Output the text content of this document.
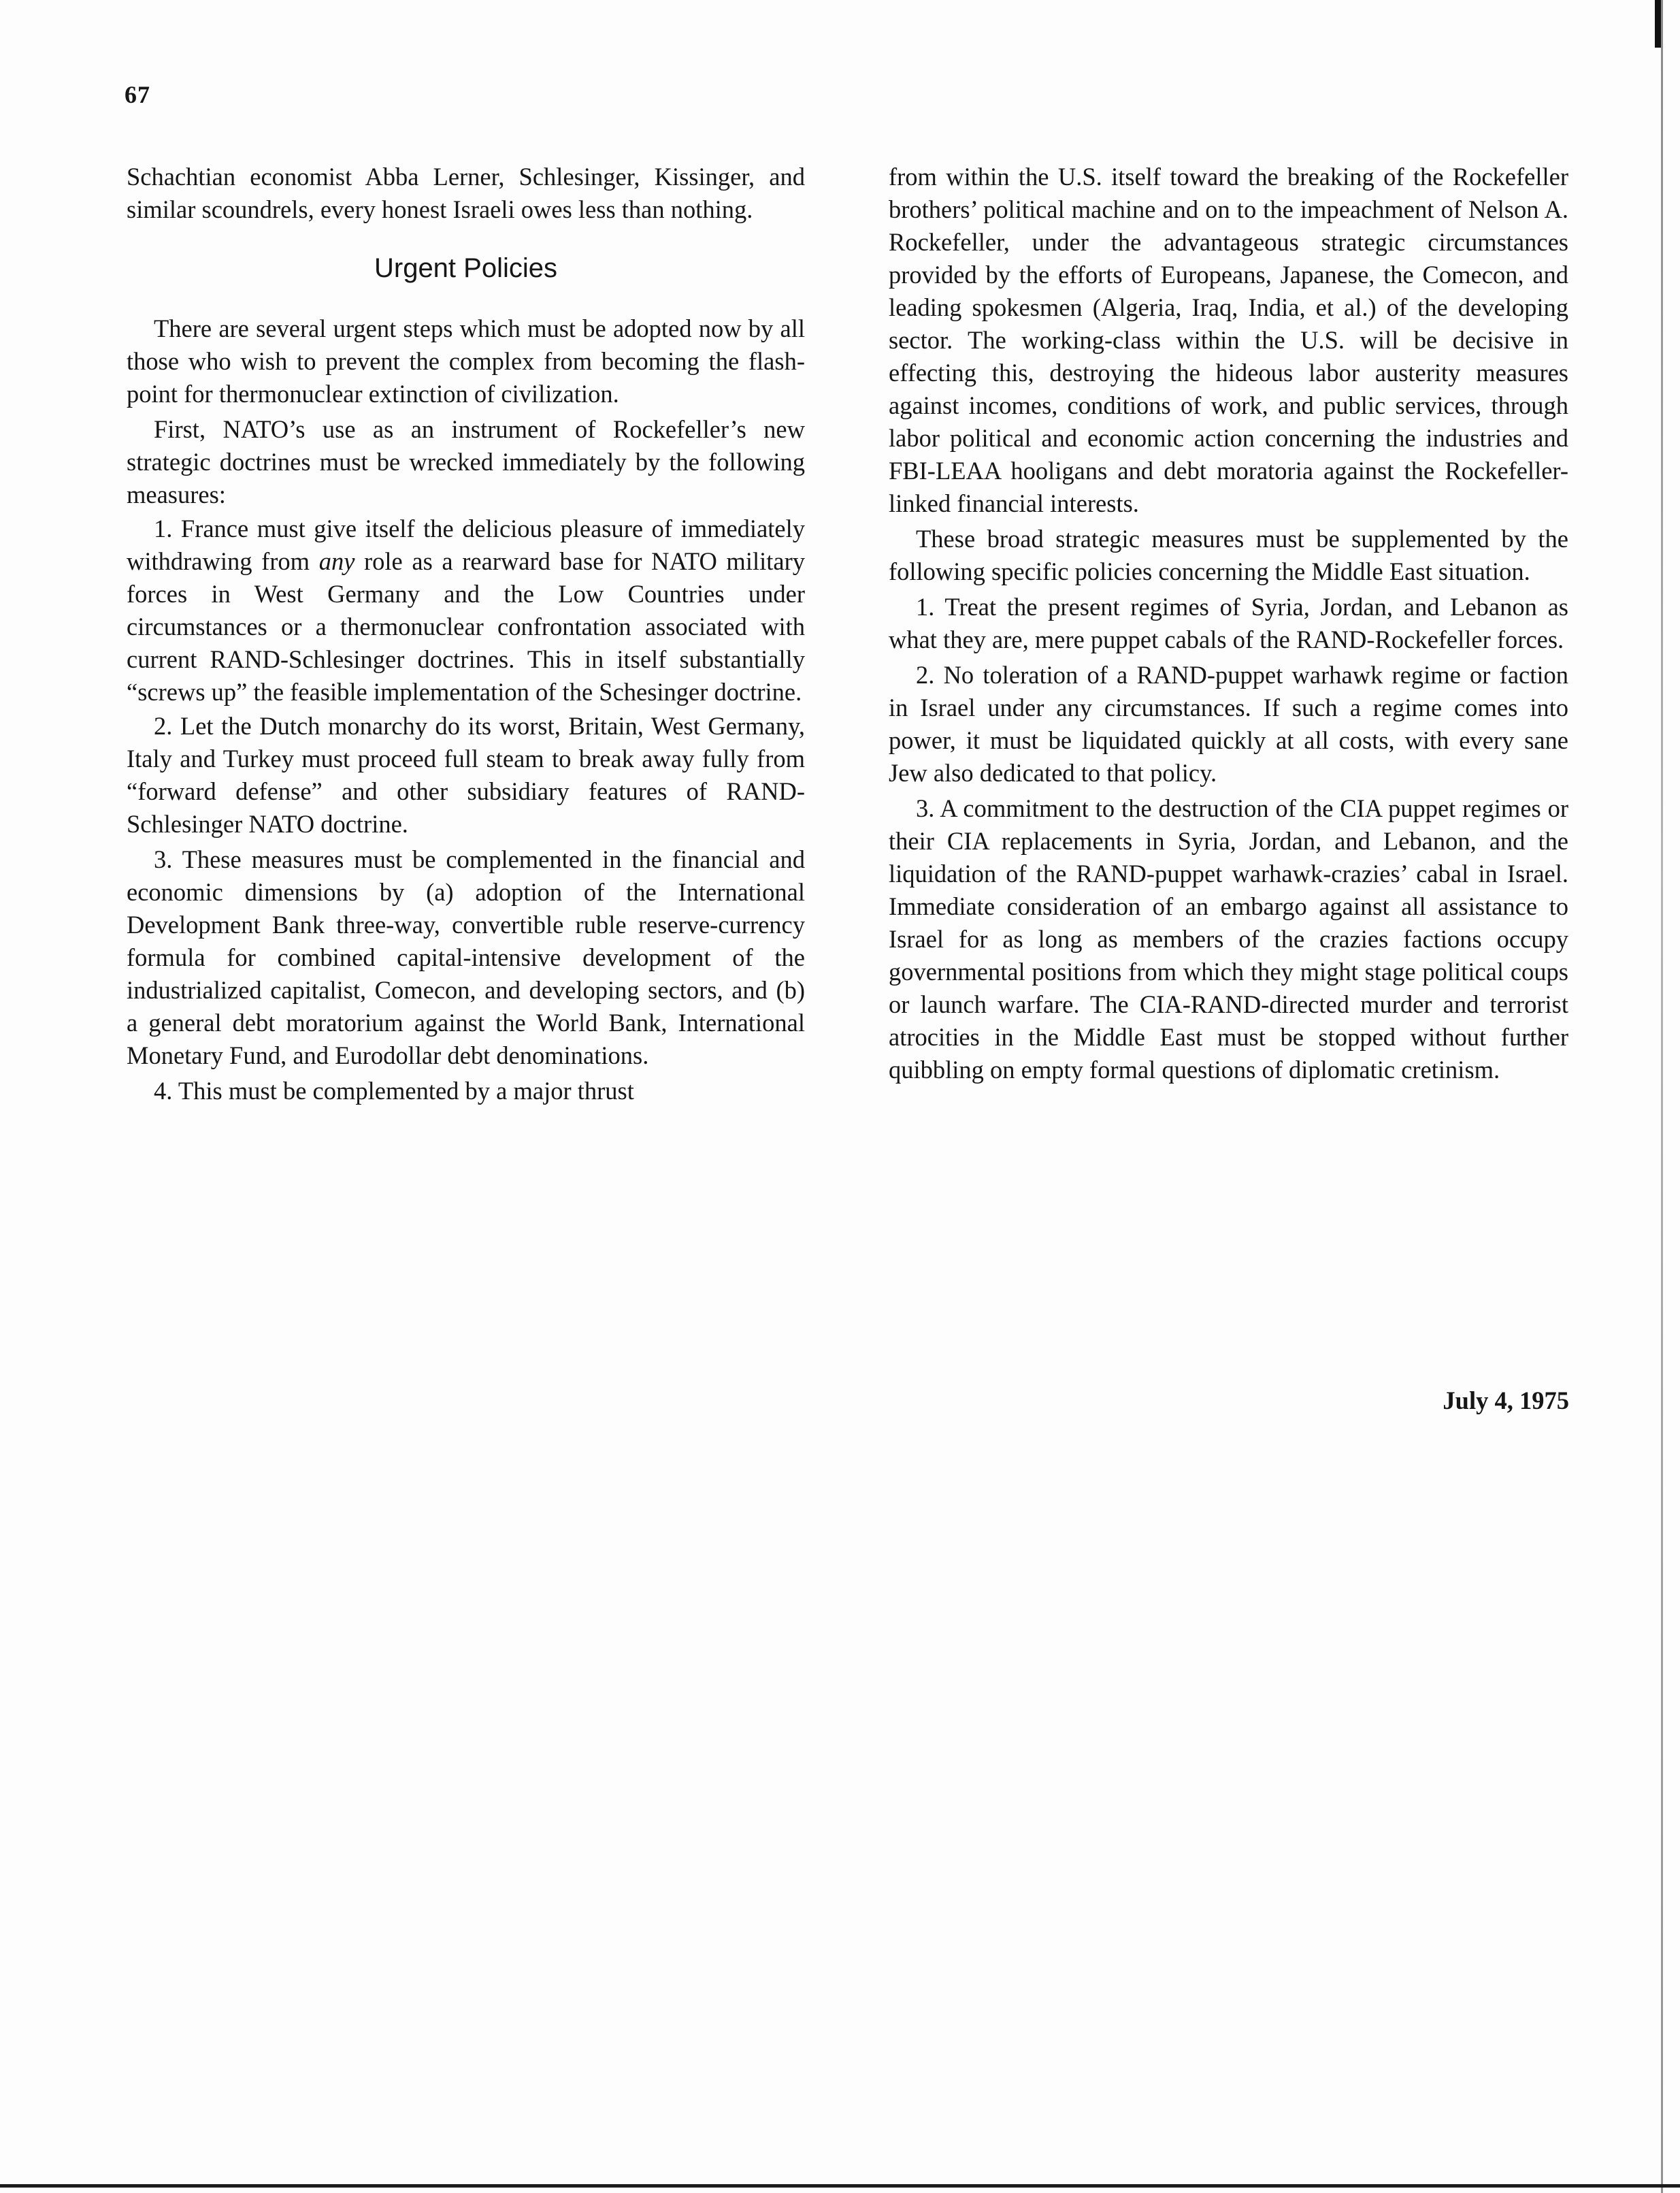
67

Schachtian economist Abba Lerner, Schlesinger, Kissinger, and similar scoundrels, every honest Israeli owes less than nothing.

Urgent Policies

There are several urgent steps which must be adopted now by all those who wish to prevent the complex from becoming the flash-point for thermonuclear extinction of civilization.

First, NATO’s use as an instrument of Rockefeller’s new strategic doctrines must be wrecked immediately by the following measures:

1. France must give itself the delicious pleasure of immediately withdrawing from any role as a rearward base for NATO military forces in West Germany and the Low Countries under circumstances or a thermonuclear confrontation associated with current RAND-Schlesinger doctrines. This in itself substantially “screws up” the feasible implementation of the Schesinger doctrine.

2. Let the Dutch monarchy do its worst, Britain, West Germany, Italy and Turkey must proceed full steam to break away fully from “forward defense” and other subsidiary features of RAND-Schlesinger NATO doctrine.

3. These measures must be complemented in the financial and economic dimensions by (a) adoption of the International Development Bank three-way, convertible ruble reserve-currency formula for combined capital-intensive development of the industrialized capitalist, Comecon, and developing sectors, and (b) a general debt moratorium against the World Bank, International Monetary Fund, and Eurodollar debt denominations.

4. This must be complemented by a major thrust

from within the U.S. itself toward the breaking of the Rockefeller brothers’ political machine and on to the impeachment of Nelson A. Rockefeller, under the advantageous strategic circumstances provided by the efforts of Europeans, Japanese, the Comecon, and leading spokesmen (Algeria, Iraq, India, et al.) of the developing sector. The working-class within the U.S. will be decisive in effecting this, destroying the hideous labor austerity measures against incomes, conditions of work, and public services, through labor political and economic action concerning the industries and FBI-LEAA hooligans and debt moratoria against the Rockefeller-linked financial interests.

These broad strategic measures must be supplemented by the following specific policies concerning the Middle East situation.

1. Treat the present regimes of Syria, Jordan, and Lebanon as what they are, mere puppet cabals of the RAND-Rockefeller forces.

2. No toleration of a RAND-puppet warhawk regime or faction in Israel under any circumstances. If such a regime comes into power, it must be liquidated quickly at all costs, with every sane Jew also dedicated to that policy.

3. A commitment to the destruction of the CIA puppet regimes or their CIA replacements in Syria, Jordan, and Lebanon, and the liquidation of the RAND-puppet warhawk-crazies’ cabal in Israel. Immediate consideration of an embargo against all assistance to Israel for as long as members of the crazies factions occupy governmental positions from which they might stage political coups or launch warfare. The CIA-RAND-directed murder and terrorist atrocities in the Middle East must be stopped without further quibbling on empty formal questions of diplomatic cretinism.

July 4, 1975
